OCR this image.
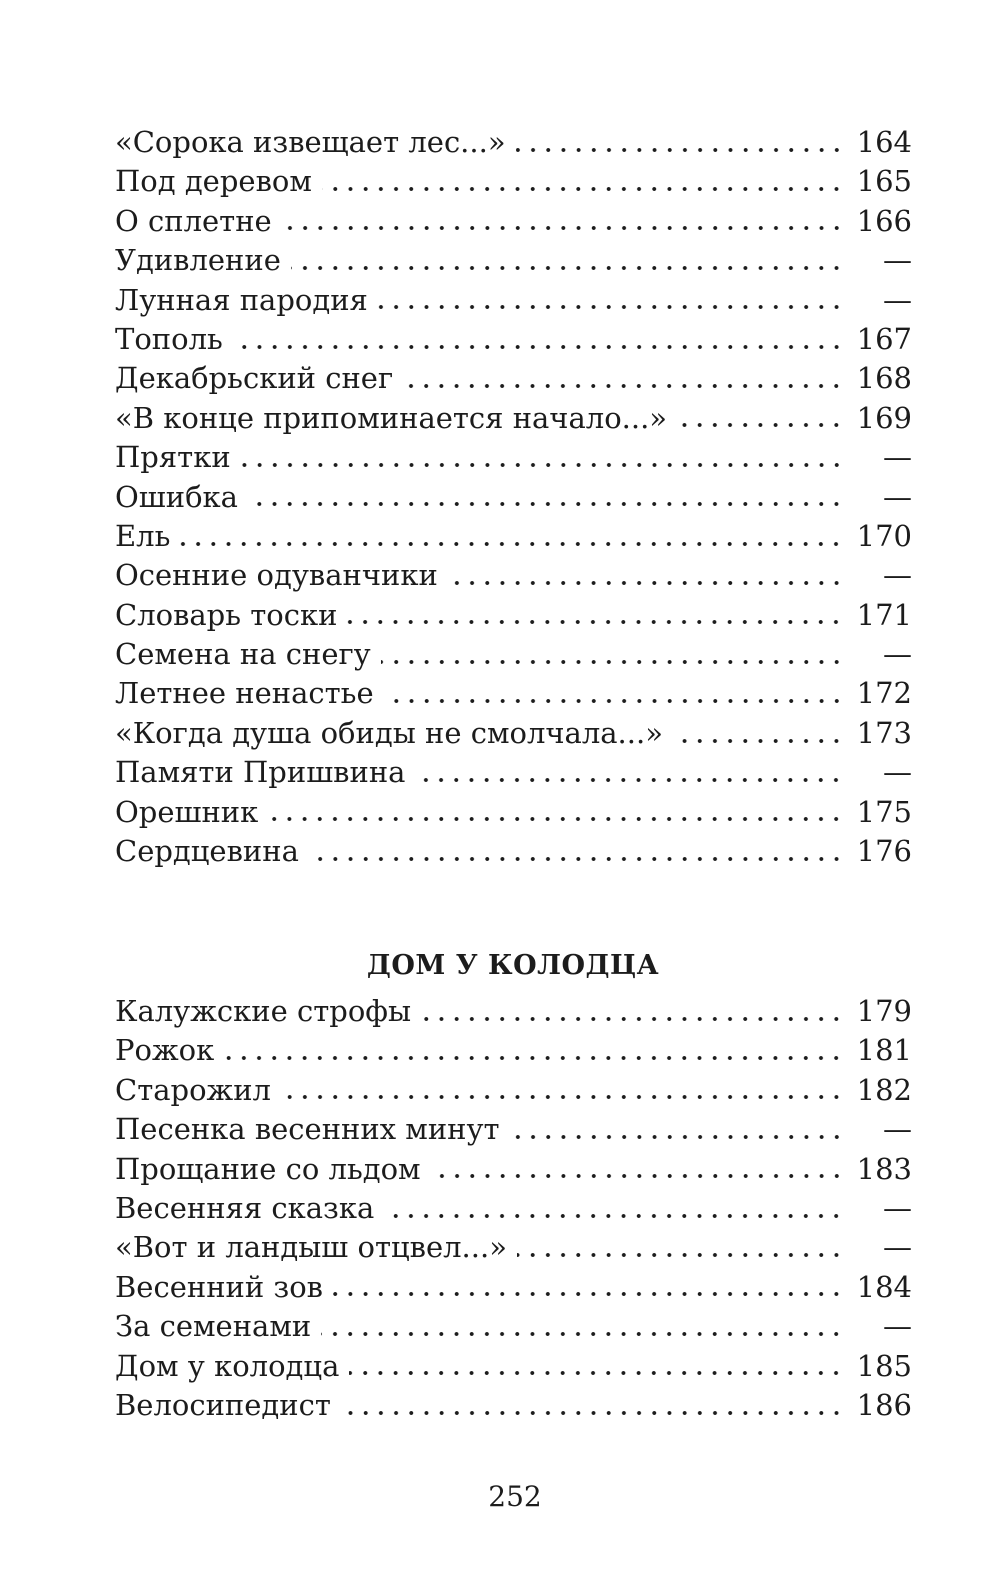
«Сорока извещает лес...»	164
Под деревом	165
О сплетне	166
Удивление	—
Лунная пародия	—
Тополь	167
Декабрьский снег	168
«В конце припоминается начало...»	169
Прятки	—
Ошибка	—
Ель	170
Осенние одуванчики	—
Словарь тоски	171
Семена на снегу	—
Летнее ненастье	172
«Когда душа обиды не смолчала...»	173
Памяти Пришвина	—
Орешник	175
Сердцевина	176
ДОМ У КОЛОДЦА
Калужские строфы	179
Рожок	181
Старожил	182
Песенка весенних минут	—
Прощание со льдом	183
Весенняя сказка	—
«Вот и ландыш отцвел...»	—
Весенний зов	184
За семенами	—
Дом у колодца	185
Велосипедист	186
252
